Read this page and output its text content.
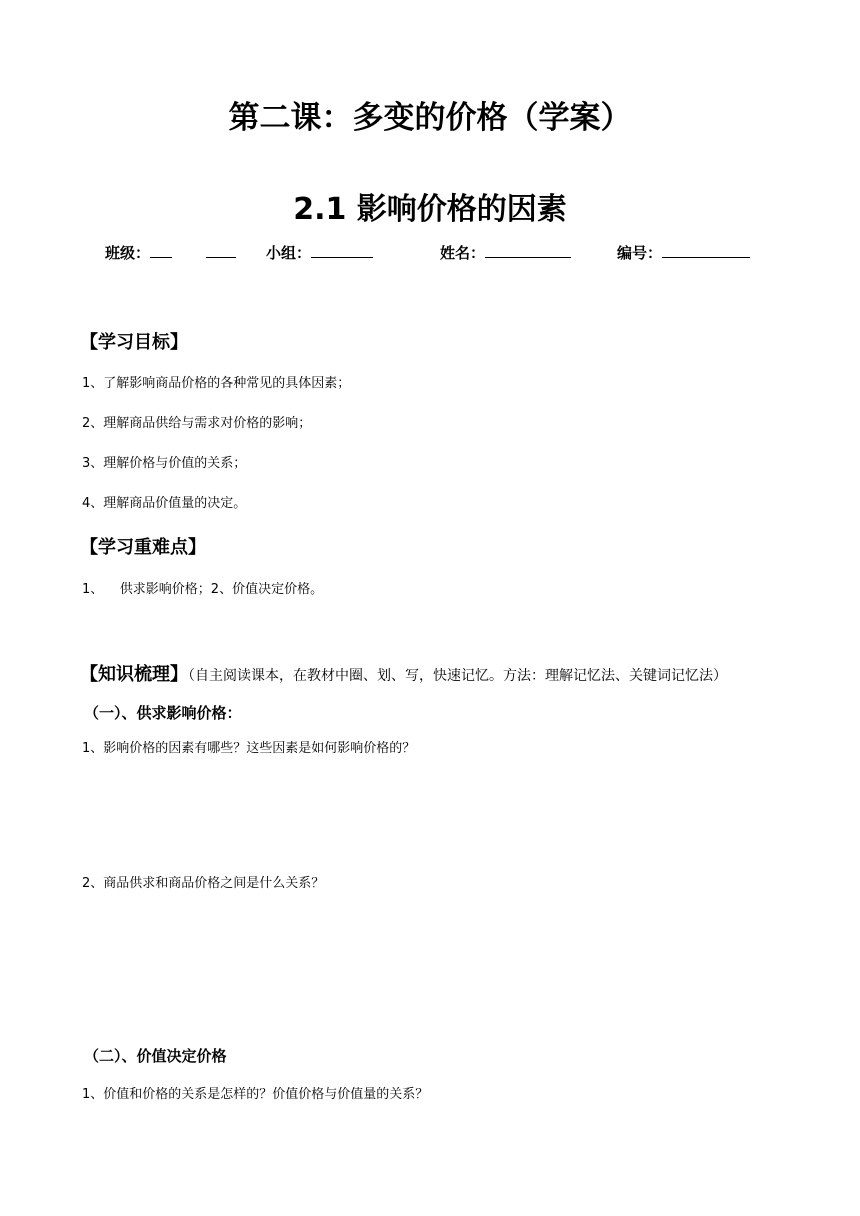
第二课：多变的价格（学案）
2.1 影响价格的因素
班级：	小组：	姓名：	编号：
【学习目标】
1、了解影响商品价格的各种常见的具体因素；
2、理解商品供给与需求对价格的影响；
3、理解价格与价值的关系；
4、理解商品价值量的决定。
【学习重难点】
1、    供求影响价格；2、价值决定价格。
【知识梳理】（自主阅读课本，在教材中圈、划、写，快速记忆。方法：理解记忆法、关键词记忆法）
（一）、供求影响价格：
1、影响价格的因素有哪些？这些因素是如何影响价格的？
2、商品供求和商品价格之间是什么关系？
（二）、价值决定价格
1、价值和价格的关系是怎样的？价值价格与价值量的关系？
